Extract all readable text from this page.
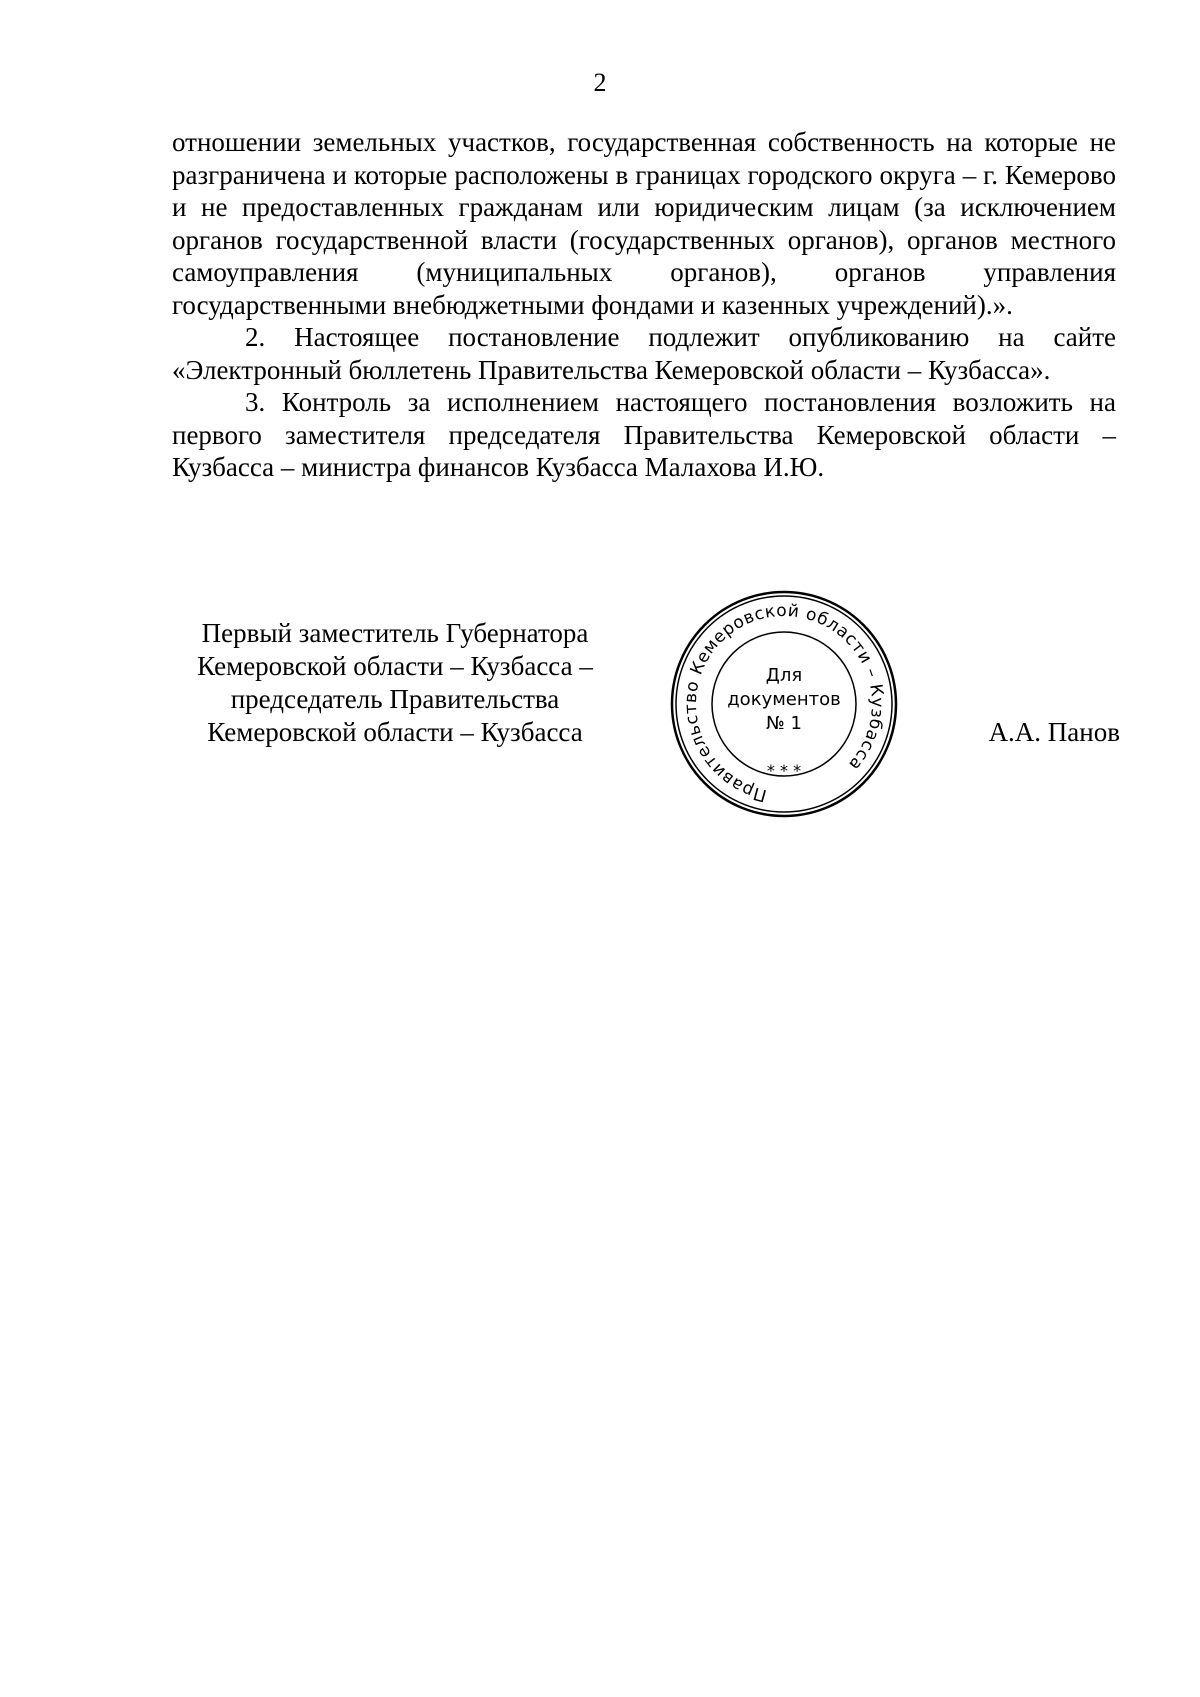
2

отношении земельных участков, государственная собственность на которые не разграничена и которые расположены в границах городского округа – г. Кемерово и не предоставленных гражданам или юридическим лицам (за исключением органов государственной власти (государственных органов), органов местного самоуправления (муниципальных органов), органов управления государственными внебюджетными фондами и казенных учреждений).».

2. Настоящее постановление подлежит опубликованию на сайте «Электронный бюллетень Правительства Кемеровской области – Кузбасса».

3. Контроль за исполнением настоящего постановления возложить на первого заместителя председателя Правительства Кемеровской области – Кузбасса – министра финансов Кузбасса Малахова И.Ю.

Первый заместитель Губернатора
Кемеровской области – Кузбасса –
председатель Правительства
Кемеровской области – Кузбасса
Правительство Кемеровской области – Кузбасса
* * *
Для
документов
№ 1	А.А. Панов
